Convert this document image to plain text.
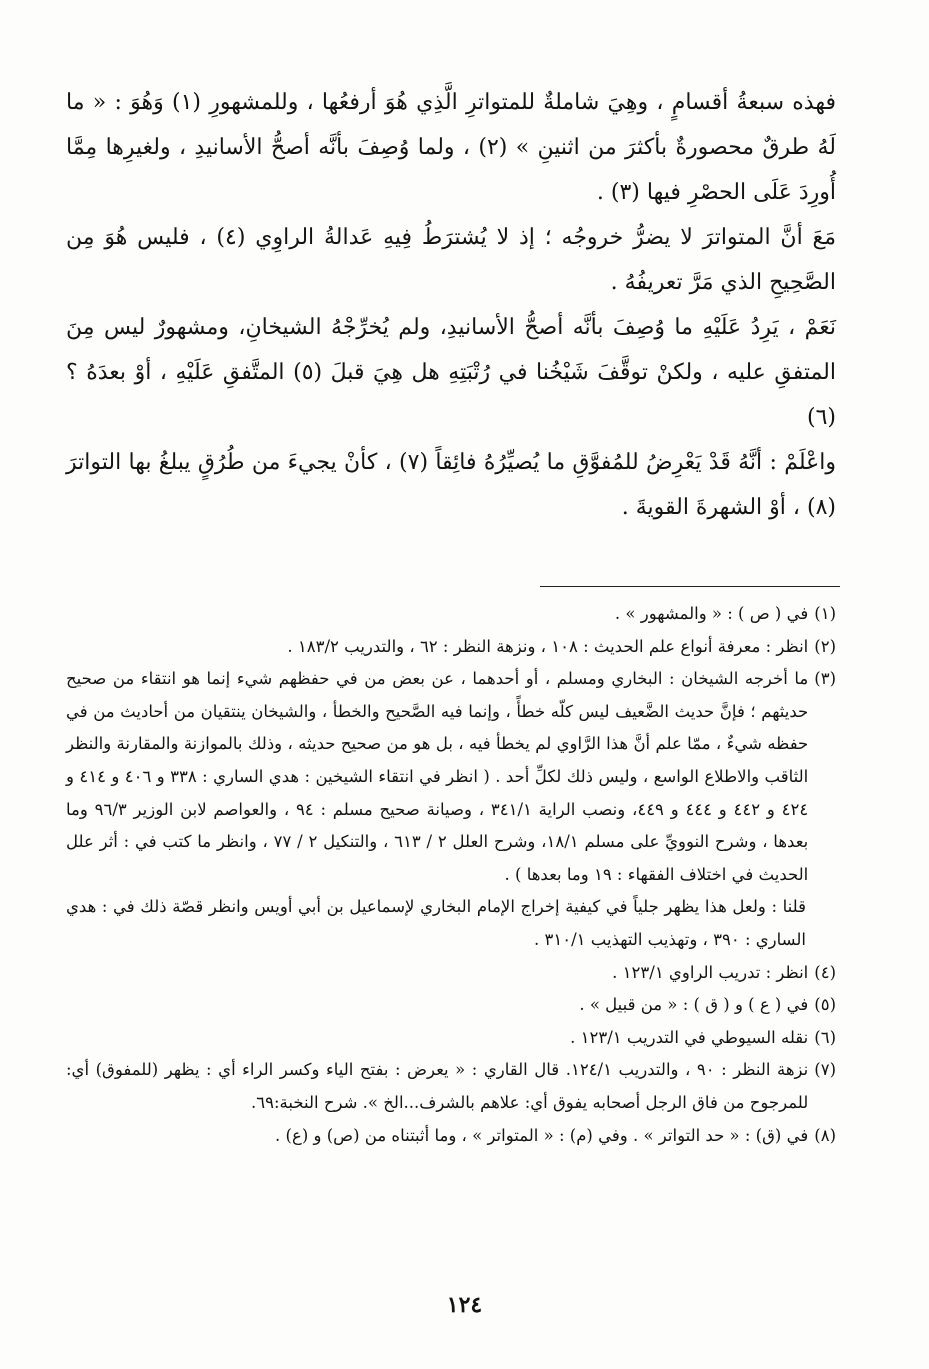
فهذه سبعةُ أقسامٍ ، وهِيَ شاملةٌ للمتواترِ الَّذِي هُوَ أرفعُها ، وللمشهورِ (١) وَهُوَ : « ما لَهُ طرقٌ محصورةٌ بأكثرَ من اثنينِ » (٢) ، ولما وُصِفَ بأنَّه أصحُّ الأسانيدِ ، ولغيرِها مِمَّا أُورِدَ عَلَى الحصْرِ فيها (٣) .

مَعَ أنَّ المتواترَ لا يضرُّ خروجُه ؛ إذ لا يُشترَطُ فِيهِ عَدالةُ الراوِي (٤) ، فليس هُوَ مِن الصَّحِيحِ الذي مَرَّ تعريفُهُ .

نَعَمْ ، يَرِدُ عَلَيْهِ ما وُصِفَ بأنَّه أصحُّ الأسانيدِ، ولم يُخرِّجْهُ الشيخانِ، ومشهورٌ ليس مِنَ المتفقِ عليه ، ولكنْ توقَّفَ شَيْخُنا في رُتْبَتِهِ هل هِيَ قبلَ (٥) المتَّفقِ عَلَيْهِ ، أوْ بعدَهُ ؟ (٦)

واعْلَمْ : أنَّهُ قَدْ يَعْرِضُ للمُفوَّقِ ما يُصيِّرُهُ فائِقاً (٧) ، كأنْ يجيءَ من طُرُقٍ يبلغُ بها التواترَ (٨) ، أوْ الشهرةَ القويةَ .

(١)
في ( ص ) : « والمشهور » .
(٢)
انظر : معرفة أنواع علم الحديث : ١٠٨ ، ونزهة النظر : ٦٢ ، والتدريب ١٨٣/٢ .
(٣)
ما أخرجه الشيخان : البخاري ومسلم ، أو أحدهما ، عن بعض من في حفظهم شيء إنما هو انتقاء من صحيح حديثهم ؛ فإنَّ حديث الضَّعيف ليس كلّه خطأً ، وإنما فيه الصَّحيح والخطأ ، والشيخان ينتقيان من أحاديث من في حفظه شيءٌ ، ممّا علم أنَّ هذا الرَّاوي لم يخطأ فيه ، بل هو من صحيح حديثه ، وذلك بالموازنة والمقارنة والنظر الثاقب والاطلاع الواسع ، وليس ذلك لكلِّ أحد . ( انظر في انتقاء الشيخين : هدي الساري : ٣٣٨ و ٤٠٦ و ٤١٤ و ٤٢٤ و ٤٤٢ و ٤٤٤ و ٤٤٩، ونصب الراية ٣٤١/١ ، وصيانة صحيح مسلم : ٩٤ ، والعواصم لابن الوزير ٩٦/٣ وما بعدها ، وشرح النوويِّ على مسلم ١٨/١، وشرح العلل ٢ / ٦١٣ ، والتنكيل ٢ / ٧٧ ، وانظر ما كتب في : أثر علل الحديث في اختلاف الفقهاء : ١٩ وما بعدها ) .
قلنا : ولعل هذا يظهر جلياً في كيفية إخراج الإمام البخاري لإسماعيل بن أبي أويس وانظر قصّة ذلك في : هدي الساري : ٣٩٠ ، وتهذيب التهذيب ٣١٠/١ .
(٤)
انظر : تدريب الراوي ١٢٣/١ .
(٥)
في ( ع ) و ( ق ) : « من قبيل » .
(٦)
نقله السيوطي في التدريب ١٢٣/١ .
(٧)
نزهة النظر : ٩٠ ، والتدريب ١٢٤/١. قال القاري : « يعرض : بفتح الياء وكسر الراء أي : يظهر (للمفوق) أي: للمرجوح من فاق الرجل أصحابه يفوق أي: علاهم بالشرف...الخ ». شرح النخبة:٦٩.
(٨)
في (ق) : « حد التواتر » . وفي (م) : « المتواتر » ، وما أثبتناه من (ص) و (ع) .
١٢٤
